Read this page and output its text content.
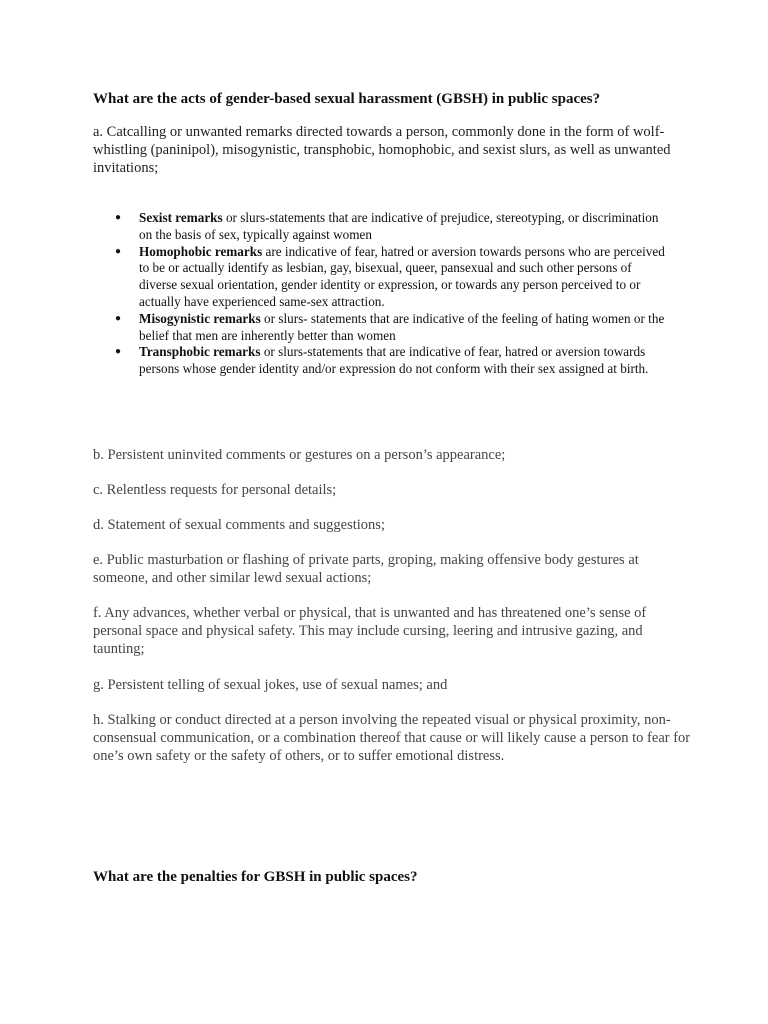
What are the acts of gender-based sexual harassment (GBSH) in public spaces?
a. Catcalling or unwanted remarks directed towards a person, commonly done in the form of wolf- whistling (paninipol), misogynistic, transphobic, homophobic, and sexist slurs, as well as unwanted invitations;
● Sexist remarks or slurs-statements that are indicative of prejudice, stereotyping, or discrimination on the basis of sex, typically against women
● Homophobic remarks are indicative of fear, hatred or aversion towards persons who are perceived to be or actually identify as lesbian, gay, bisexual, queer, pansexual and such other persons of diverse sexual orientation, gender identity or expression, or towards any person perceived to or actually have experienced same-sex attraction.
● Misogynistic remarks or slurs- statements that are indicative of the feeling of hating women or the belief that men are inherently better than women
● Transphobic remarks or slurs-statements that are indicative of fear, hatred or aversion towards persons whose gender identity and/or expression do not conform with their sex assigned at birth.
b. Persistent uninvited comments or gestures on a person’s appearance;
c. Relentless requests for personal details;
d. Statement of sexual comments and suggestions;
e. Public masturbation or flashing of private parts, groping, making offensive body gestures at someone, and other similar lewd sexual actions;
f. Any advances, whether verbal or physical, that is unwanted and has threatened one’s sense of personal space and physical safety. This may include cursing, leering and intrusive gazing, and taunting;
g. Persistent telling of sexual jokes, use of sexual names; and
h. Stalking or conduct directed at a person involving the repeated visual or physical proximity, non-consensual communication, or a combination thereof that cause or will likely cause a person to fear for one’s own safety or the safety of others, or to suffer emotional distress.
What are the penalties for GBSH in public spaces?
